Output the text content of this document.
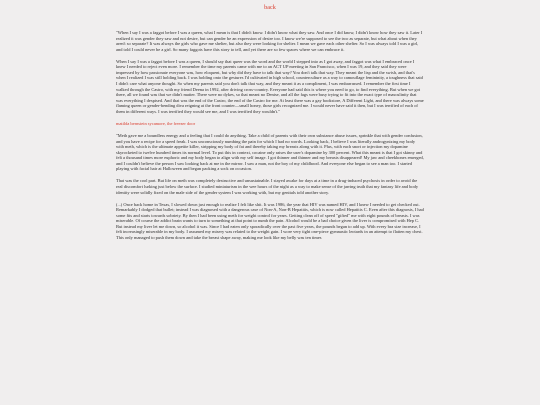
back

"When I say I was a faggot before I was a queen, what I mean is that I didn't know. I didn't know what they saw. And once I did know, I didn't know how they saw it. Later I realized it was gender they saw and not desire, but can gender be an expression of desire too. I know we're supposed to see the two as separate, but what about when they aren't so separate? It was always the girls who gave me shelter, but also they were looking for shelter. I mean we gave each other shelter. So I was always told I was a girl, and told I could never be a girl. So many faggots have this story to tell, and yet there are so few spaces where we can embrace it.

When I say I was a faggot before I was a queen, I should say that queer was the word and the world I stepped into as I got away, and faggot was what I embraced once I knew I needed to reject even more. I remember the time my parents came with me to an ACT UP meeting in San Francisco, when I was 19, and they said they were impressed by how passionate everyone was, how eloquent, but why did they have to talk that way? You don't talk that way. They meant the lisp and the swish, and that's when I realized I was still holding back. I was holding onto the gestures I'd cultivated in high school, counterculture as a way to camouflage femininity, a toughness that said I didn't care what anyone thought. So when my parents said you don't talk that way, and they meant it as a compliment, I was embarrassed. I remember the first time I walked through the Castro, with my friend Deena in 1992, after driving cross-country. Everyone had said this is where you need to go, to find everything. But when we got there, all we found was that we didn't matter. There were no dykes, so that meant no Denise, and all the fags were busy trying to fit into the exact type of masculinity that was everything I despised. And that was the end of the Castro, the end of the Castro for me. At least there was a gay bookstore, A Different Light, and there was always some flaming queen or gender-bending diva reigning at the front counter—small honey, those girls recognized me. I would never have said it then, but I was terrified of each of them in different ways. I was terrified they would see me, and I was terrified they wouldn't."

matilda bernstein sycamore, the freezer door

"Meth gave me a boundless energy and a feeling that I could do anything. Take a child of parents with their own substance abuse issues, sprinkle that with gender confusion, and you have a recipe for a speed freak. I was unconsciously numbing the pain for which I had no words. Looking back, I believe I was literally androgynizing my body with meth, which is the ultimate appetite killer, stripping my body of fat and thereby taking my breasts along with it. Plus, with each snort or injection my dopamine skyrocketed to twelve hundred times its normal level. To put this in context, cocaine only raises the user's dopamine by 300 percent. What this meant is that I got skinny and felt a thousand times more euphoric and my body began to align with my self image. I got thinner and thinner and my breasts disappeared! My jaw and cheekbones emerged, and I couldn't believe the person I saw looking back at me in the mirror. I saw a man, not the boy of my childhood. And everyone else began to see a man too. I started playing with facial hair at Halloween and began packing a sock on occasion.

That was the cool part. But life on meth was completely destructive and unsustainable. I stayed awake for days at a time in a drug-induced psychosis in order to avoid the real discomfort lurking just below the surface. I studied miniaturism in the wee hours of the night as a way to make sense of the jarring truth that my fantasy life and body identity were solidly fixed on the male side of the gender system I was working with, but my genitals told another story.

(...) Once back home in Texas, I slowed down just enough to realize I felt like shit. It was 1986, the year that HIV was named HIV, and I knew I needed to get checked out. Remarkably I dodged that bullet; instead I was diagnosed with a dangerous case of Non-A, Non-B Hepatitis, which is now called Hepatitis C. Even after this diagnosis, I had some fits and starts towards sobriety. By then I had been using meth for weight control for years. Getting clean off of speed "gifted" me with eight pounds of breasts. I was miserable. Of course the addict brain wants to turn to something at that point to numb the pain. Alcohol would be a bad choice given the liver is compromised with Hep C. But instead my liver let me down, so alcohol it was. Since I had eaten only sporadically over the past five years, the pounds began to add up. With every bra size increase, I felt increasingly miserable in my body. I assumed my misery was related to the weight gain. I wore very tight one-piece gymnastic leotards in an attempt to flatten my chest. This only managed to push them down and take the breast shape away, making me look like my belly was ten times
